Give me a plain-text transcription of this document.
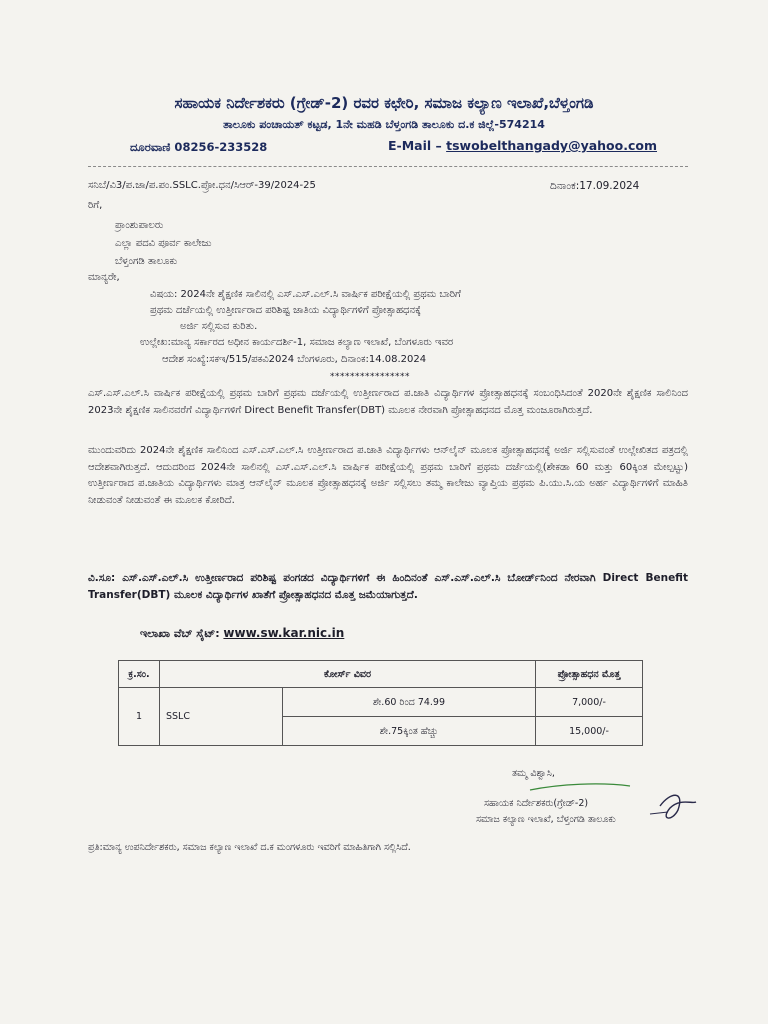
ಸಹಾಯಕ ನಿರ್ದೇಶಕರು (ಗ್ರೇಡ್-2) ರವರ ಕಛೇರಿ, ಸಮಾಜ ಕಲ್ಯಾಣ ಇಲಾಖೆ,ಬೆಳ್ತಂಗಡಿ
ತಾಲೂಕು ಪಂಚಾಯತ್ ಕಟ್ಟಡ, 1ನೇ ಮಹಡಿ ಬೆಳ್ತಂಗಡಿ ತಾಲೂಕು ದ.ಕ ಜಿಲ್ಲೆ-574214
ದೂರವಾಣಿ 08256-233528	E-Mail – tswobelthangady@yahoo.com
ಸನಿಬೆ/ವಿ3/ಪ.ಜಾ/ಪ.ಪಂ.SSLC.ಪ್ರೋ.ಧನ/ಸಿಆರ್-39/2024-25	ದಿನಾಂಕ:17.09.2024
ರಿಗೆ,
ಪ್ರಾಂಶುಪಾಲರು
ಎಲ್ಲಾ ಪದವಿ ಪೂರ್ವ ಕಾಲೇಜು
ಬೆಳ್ತಂಗಡಿ ತಾಲೂಕು
ಮಾನ್ಯರೇ,
ವಿಷಯ: 2024ನೇ ಶೈಕ್ಷಣಿಕ ಸಾಲಿನಲ್ಲಿ ಎಸ್.ಎಸ್.ಎಲ್.ಸಿ ವಾರ್ಷಿಕ ಪರೀಕ್ಷೆಯಲ್ಲಿ ಪ್ರಥಮ ಬಾರಿಗೆ
ಪ್ರಥಮ ದರ್ಜೆಯಲ್ಲಿ ಉತ್ತೀರ್ಣರಾದ ಪರಿಶಿಷ್ಟ ಜಾತಿಯ ವಿದ್ಯಾರ್ಥಿಗಳಿಗೆ ಪ್ರೋತ್ಸಾಹಧನಕ್ಕೆ
ಅರ್ಜಿ ಸಲ್ಲಿಸುವ ಕುರಿತು.
ಉಲ್ಲೇಖ:ಮಾನ್ಯ ಸರ್ಕಾರದ ಅಧೀನ ಕಾರ್ಯದರ್ಶಿ-1, ಸಮಾಜ ಕಲ್ಯಾಣ ಇಲಾಖೆ, ಬೆಂಗಳೂರು ಇವರ
ಆದೇಶ ಸಂಖ್ಯೆ:ಸಕಇ/515/ಪಕವಿ2024 ಬೆಂಗಳೂರು, ದಿನಾಂಕ:14.08.2024
****************
ಎಸ್.ಎಸ್.ಎಲ್.ಸಿ ವಾರ್ಷಿಕ ಪರೀಕ್ಷೆಯಲ್ಲಿ ಪ್ರಥಮ ಬಾರಿಗೆ ಪ್ರಥಮ ದರ್ಜೆಯಲ್ಲಿ ಉತ್ತೀರ್ಣರಾದ ಪ.ಜಾತಿ ವಿದ್ಯಾರ್ಥಿಗಳ ಪ್ರೋತ್ಸಾಹಧನಕ್ಕೆ ಸಂಬಂಧಿಸಿದಂತೆ 2020ನೇ ಶೈಕ್ಷಣಿಕ ಸಾಲಿನಿಂದ 2023ನೇ ಶೈಕ್ಷಣಿಕ ಸಾಲಿನವರೆಗೆ ವಿದ್ಯಾರ್ಥಿಗಳಿಗೆ Direct Benefit Transfer(DBT) ಮೂಲಕ ನೇರವಾಗಿ ಪ್ರೋತ್ಸಾಹಧನದ ಮೊತ್ತ ಮಂಜೂರಾಗಿರುತ್ತದೆ.
ಮುಂದುವರಿದು 2024ನೇ ಶೈಕ್ಷಣಿಕ ಸಾಲಿನಿಂದ ಎಸ್.ಎಸ್.ಎಲ್.ಸಿ ಉತ್ತೀರ್ಣರಾದ ಪ.ಜಾತಿ ವಿದ್ಯಾರ್ಥಿಗಳು ಆನ್‌ಲೈನ್ ಮೂಲಕ ಪ್ರೋತ್ಸಾಹಧನಕ್ಕೆ ಅರ್ಜಿ ಸಲ್ಲಿಸುವಂತೆ ಉಲ್ಲೇಖಿತದ ಪತ್ರದಲ್ಲಿ ಆದೇಶವಾಗಿರುತ್ತದೆ. ಆದುದರಿಂದ 2024ನೇ ಸಾಲಿನಲ್ಲಿ ಎಸ್.ಎಸ್.ಎಲ್.ಸಿ ವಾರ್ಷಿಕ ಪರೀಕ್ಷೆಯಲ್ಲಿ ಪ್ರಥಮ ಬಾರಿಗೆ ಪ್ರಥಮ ದರ್ಜೆಯಲ್ಲಿ(ಶೇಕಡಾ 60 ಮತ್ತು 60ಕ್ಕಿಂತ ಮೇಲ್ಪಟ್ಟು) ಉತ್ತೀರ್ಣರಾದ ಪ.ಜಾತಿಯ ವಿದ್ಯಾರ್ಥಿಗಳು ಮಾತ್ರ ಆನ್‌ಲೈನ್ ಮೂಲಕ ಪ್ರೋತ್ಸಾಹಧನಕ್ಕೆ ಅರ್ಜಿ ಸಲ್ಲಿಸಲು ತಮ್ಮ ಕಾಲೇಜು ವ್ಯಾಪ್ತಿಯ ಪ್ರಥಮ ಪಿ.ಯು.ಸಿ.ಯ ಅರ್ಹ ವಿದ್ಯಾರ್ಥಿಗಳಿಗೆ ಮಾಹಿತಿ ನೀಡುವಂತೆ ನೀಡುವಂತೆ ಈ ಮೂಲಕ ಕೋರಿದೆ.
ವಿ.ಸೂ: ಎಸ್.ಎಸ್.ಎಲ್.ಸಿ ಉತ್ತೀರ್ಣರಾದ ಪರಿಶಿಷ್ಟ ಪಂಗಡದ ವಿದ್ಯಾರ್ಥಿಗಳಿಗೆ ಈ ಹಿಂದಿನಂತೆ ಎಸ್.ಎಸ್.ಎಲ್.ಸಿ ಬೋರ್ಡ್‌ನಿಂದ ನೇರವಾಗಿ Direct Benefit Transfer(DBT) ಮೂಲಕ ವಿದ್ಯಾರ್ಥಿಗಳ ಖಾತೆಗೆ ಪ್ರೋತ್ಸಾಹಧನದ ಮೊತ್ತ ಜಮೆಯಾಗುತ್ತದೆ.
ಇಲಾಖಾ ವೆಬ್ ಸೈಟ್: www.sw.kar.nic.in
ಕ್ರ.ಸಂ.	ಕೋರ್ಸ್ ವಿವರ		ಪ್ರೋತ್ಸಾಹಧನ ಮೊತ್ತ
1	SSLC	ಶೇ.60 ರಿಂದ 74.99	7,000/-
		ಶೇ.75ಕ್ಕಿಂತ ಹೆಚ್ಚು	15,000/-
ತಮ್ಮ ವಿಶ್ವಾಸಿ,
ಸಹಾಯಕ ನಿರ್ದೇಶಕರು(ಗ್ರೇಡ್-2)
ಸಮಾಜ ಕಲ್ಯಾಣ ಇಲಾಖೆ, ಬೆಳ್ತಂಗಡಿ ತಾಲೂಕು
ಪ್ರತಿ:ಮಾನ್ಯ ಉಪನಿರ್ದೇಶಕರು, ಸಮಾಜ ಕಲ್ಯಾಣ ಇಲಾಖೆ ದ.ಕ ಮಂಗಳೂರು ಇವರಿಗೆ ಮಾಹಿತಿಗಾಗಿ ಸಲ್ಲಿಸಿದೆ.
